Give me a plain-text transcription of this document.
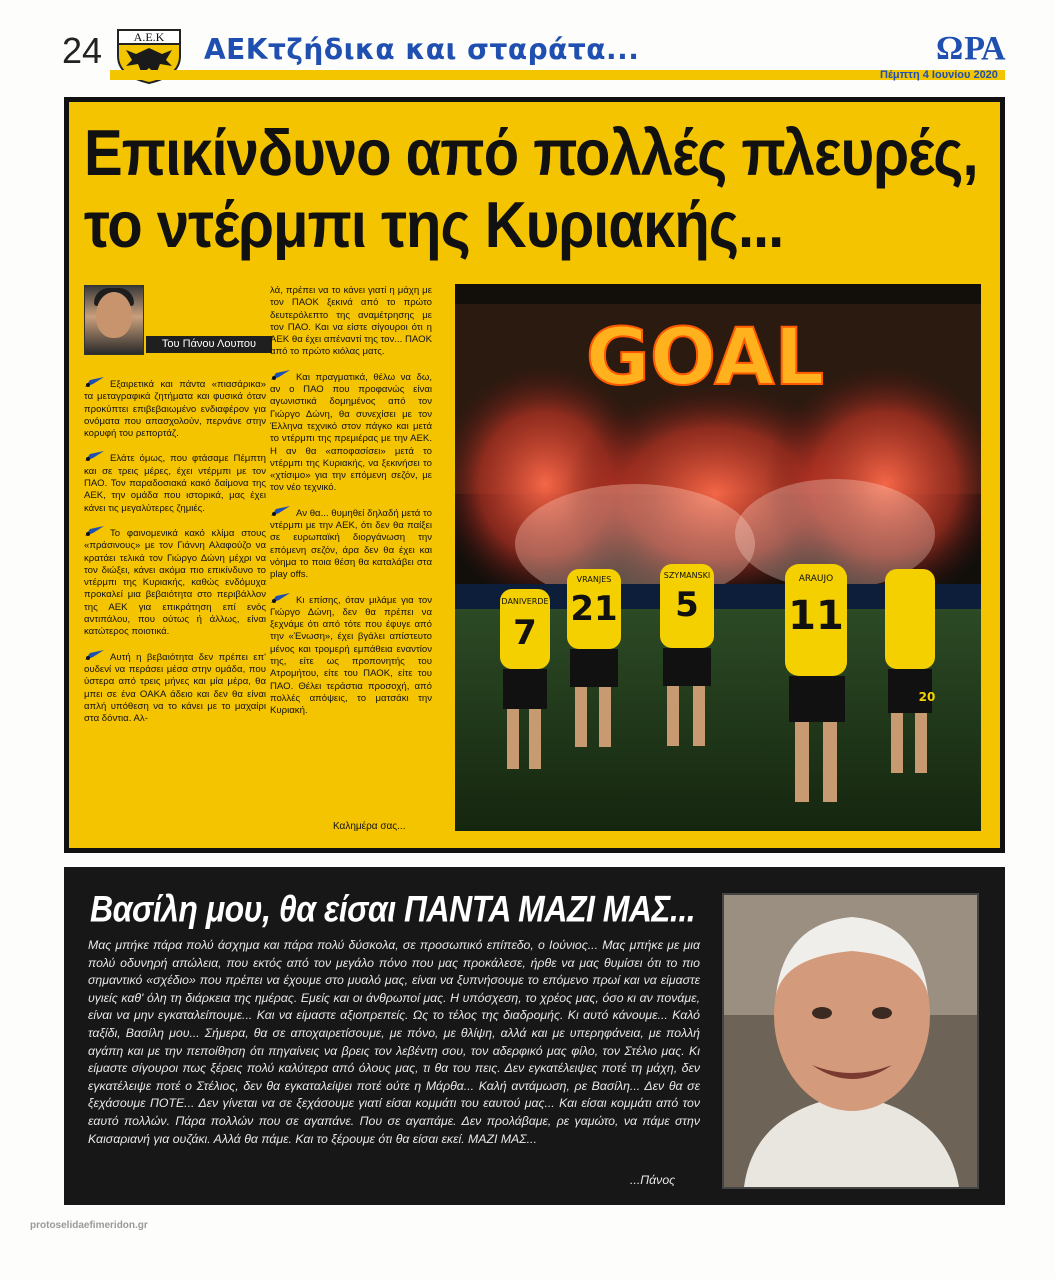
24	Α.Ε.Κ ΑΕΚτζήδικα και σταράτα...	ΩΡΑ
Πέμπτη 4 Ιουνίου 2020
Επικίνδυνο από πολλές πλευρές,
το ντέρμπι της Κυριακής...
Του Πάνου Λουπου

Εξαιρετικά και πάντα «πιασάρικα» τα μεταγραφικά ζητήματα και φυσικά όταν προκύπτει επιβεβαιωμένο ενδιαφέρον για ονόματα που απασχολούν, περνάνε στην κορυφή του ρεπορτάζ.

Ελάτε όμως, που φτάσαμε Πέμπτη και σε τρεις μέρες, έχει ντέρμπι με τον ΠΑΟ. Τον παραδοσιακά κακό δαίμονα της ΑΕΚ, την ομάδα που ιστορικά, μας έχει κάνει τις μεγαλύτερες ζημιές.

Το φαινομενικά κακό κλίμα στους «πράσινους» με τον Γιάννη Αλαφούζο να κρατάει τελικά τον Γιώργο Δώνη μέχρι να τον διώξει, κάνει ακόμα πιο επικίνδυνο το ντέρμπι της Κυριακής, καθώς ενδόμυχα προκαλεί μια βεβαιότητα στο περιβάλλον της ΑΕΚ για επικράτηση επί ενός αντιπάλου, που ούτως ή άλλως, είναι κατώτερος ποιοτικά.

Αυτή η βεβαιότητα δεν πρέπει επ' ουδενί να περάσει μέσα στην ομάδα, που ύστερα από τρεις μήνες και μία μέρα, θα μπει σε ένα ΟΑΚΑ άδειο και δεν θα είναι απλή υπόθεση να το κάνει με το μαχαίρι στα δόντια. Αλ-

λά, πρέπει να το κάνει γιατί η μάχη με τον ΠΑΟΚ ξεκινά από το πρώτο δευτερόλεπτο της αναμέτρησης με τον ΠΑΟ. Και να είστε σίγουροι ότι η ΑΕΚ θα έχει απέναντί της τον... ΠΑΟΚ από το πρώτο κιόλας ματς.

Και πραγματικά, θέλω να δω, αν ο ΠΑΟ που προφανώς είναι αγωνιστικά δομημένος από τον Γιώργο Δώνη, θα συνεχίσει με τον Έλληνα τεχνικό στον πάγκο και μετά το ντέρμπι της πρεμιέρας με την ΑΕΚ. Η αν θα «αποφασίσει» μετά το ντέρμπι της Κυριακής, να ξεκινήσει το «χτίσιμο» για την επόμενη σεζόν, με τον νέο τεχνικό.

Αν θα... θυμηθεί δηλαδή μετά το ντέρμπι με την ΑΕΚ, ότι δεν θα παίξει σε ευρωπαϊκή διοργάνωση την επόμενη σεζόν, άρα δεν θα έχει και νόημα το ποια θέση θα καταλάβει στα play offs.

Κι επίσης, όταν μιλάμε για τον Γιώργο Δώνη, δεν θα πρέπει να ξεχνάμε ότι από τότε που έφυγε από την «Ένωση», έχει βγάλει απίστευτο μένος και τρομερή εμπάθεια εναντίον της, είτε ως προπονητής του Ατρομήτου, είτε του ΠΑΟΚ, είτε του ΠΑΟ. Θέλει τεράστια προσοχή, από πολλές απόψεις, το ματσάκι την Κυριακή.

Καλημέρα σας...
GOAL
DANIVERDE
7
VRANJES
21
SZYMANSKI
5
ARAUJO
11
20
Βασίλη μου, θα είσαι ΠΑΝΤΑ ΜΑΖΙ ΜΑΣ...
Μας μπήκε πάρα πολύ άσχημα και πάρα πολύ δύσκολα, σε προσωπικό επίπεδο, ο Ιούνιος... Μας μπήκε με μια πολύ οδυνηρή απώλεια, που εκτός από τον μεγάλο πόνο που μας προκάλεσε, ήρθε να μας θυμίσει ότι το πιο σημαντικό «σχέδιο» που πρέπει να έχουμε στο μυαλό μας, είναι να ξυπνήσουμε το επόμενο πρωί και να είμαστε υγιείς καθ' όλη τη διάρκεια της ημέρας. Εμείς και οι άνθρωποί μας. Η υπόσχεση, το χρέος μας, όσο κι αν πονάμε, είναι να μην εγκαταλείπουμε... Και να είμαστε αξιοπρεπείς. Ως το τέλος της διαδρομής. Κι αυτό κάνουμε... Καλό ταξίδι, Βασίλη μου... Σήμερα, θα σε αποχαιρετίσουμε, με πόνο, με θλίψη, αλλά και με υπερηφάνεια, με πολλή αγάπη και με την πεποίθηση ότι πηγαίνεις να βρεις τον λεβέντη σου, τον αδερφικό μας φίλο, τον Στέλιο μας. Κι είμαστε σίγουροι πως ξέρεις πολύ καλύτερα από όλους μας, τι θα του πεις. Δεν εγκατέλειψες ποτέ τη μάχη, δεν εγκατέλειψε ποτέ ο Στέλιος, δεν θα εγκαταλείψει ποτέ ούτε η Μάρθα... Καλή αντάμωση, ρε Βασίλη... Δεν θα σε ξεχάσουμε ΠΟΤΕ... Δεν γίνεται να σε ξεχάσουμε γιατί είσαι κομμάτι του εαυτού μας... Και είσαι κομμάτι από τον εαυτό πολλών. Πάρα πολλών που σε αγαπάνε. Που σε αγαπάμε. Δεν προλάβαμε, ρε γαμώτο, να πάμε στην Καισαριανή για ουζάκι. Αλλά θα πάμε. Και το ξέρουμε ότι θα είσαι εκεί. ΜΑΖΙ ΜΑΣ...
...Πάνος
protoselidaefimeridon.gr
